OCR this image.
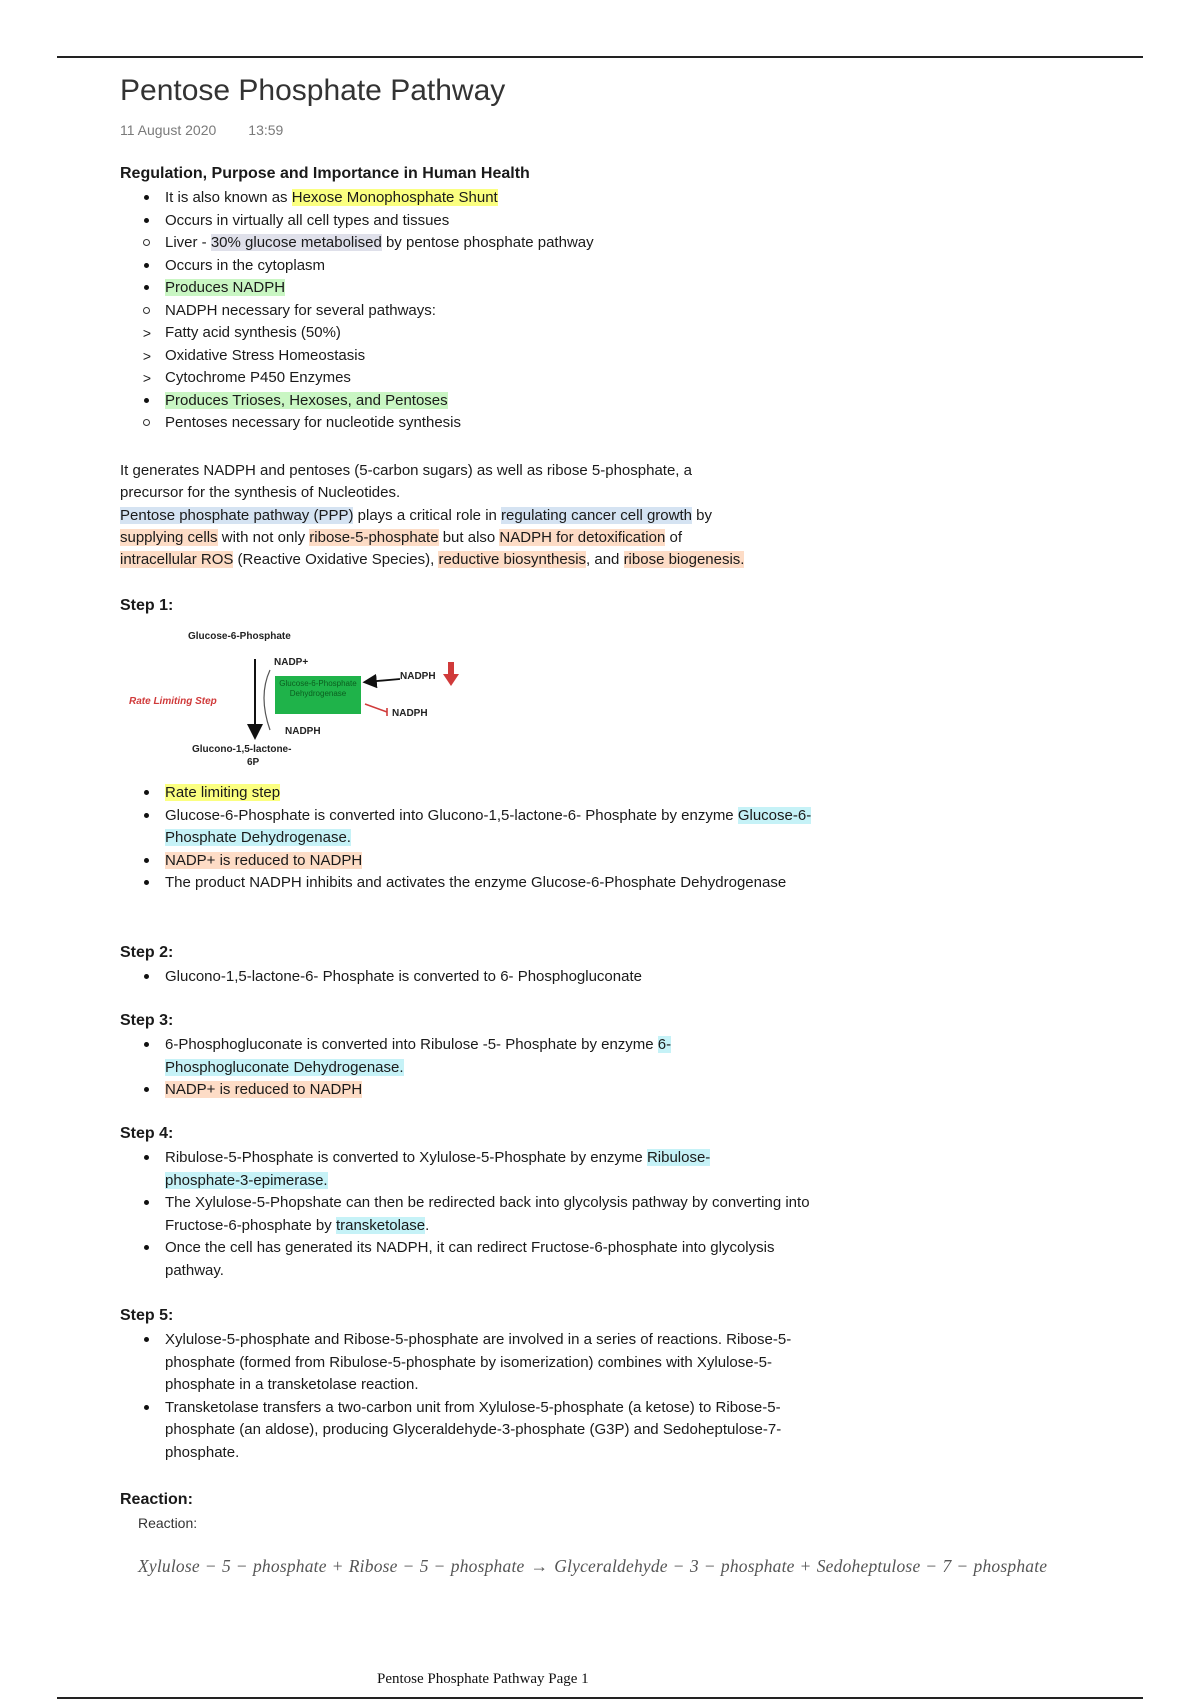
Pentose Phosphate Pathway
11 August 2020 13:59
Regulation, Purpose and Importance in Human Health
It is also known as Hexose Monophosphate Shunt
Occurs in virtually all cell types and tissues
Liver - 30% glucose metabolised by pentose phosphate pathway
Occurs in the cytoplasm
Produces NADPH
NADPH necessary for several pathways:
> Fatty acid synthesis (50%)
> Oxidative Stress Homeostasis
> Cytochrome P450 Enzymes
Produces Trioses, Hexoses, and Pentoses
Pentoses necessary for nucleotide synthesis
It generates NADPH and pentoses (5-carbon sugars) as well as ribose 5-phosphate, a
precursor for the synthesis of Nucleotides.
Pentose phosphate pathway (PPP) plays a critical role in regulating cancer cell growth by
supplying cells with not only ribose-5-phosphate but also NADPH for detoxification of
intracellular ROS (Reactive Oxidative Species), reductive biosynthesis, and ribose biogenesis.
Step 1:
Glucose-6-Phosphate
NADP+
Glucose-6-Phosphate Dehydrogenase
NADPH
NADPH
Rate Limiting Step
NADPH
Glucono-1,5-lactone-
6P
Rate limiting step
Glucose-6-Phosphate is converted into Glucono-1,5-lactone-6- Phosphate by enzyme Glucose-6-Phosphate Dehydrogenase.
NADP+ is reduced to NADPH
The product NADPH inhibits and activates the enzyme Glucose-6-Phosphate Dehydrogenase
Step 2:
Glucono-1,5-lactone-6- Phosphate is converted to 6- Phosphogluconate
Step 3:
6-Phosphogluconate is converted into Ribulose -5- Phosphate by enzyme 6-
Phosphogluconate Dehydrogenase.
NADP+ is reduced to NADPH
Step 4:
Ribulose-5-Phosphate is converted to Xylulose-5-Phosphate by enzyme Ribulose-
phosphate-3-epimerase.
The Xylulose-5-Phopshate can then be redirected back into glycolysis pathway by converting into Fructose-6-phosphate by transketolase.
Once the cell has generated its NADPH, it can redirect Fructose-6-phosphate into glycolysis pathway.
Step 5:
Xylulose-5-phosphate and Ribose-5-phosphate are involved in a series of reactions. Ribose-5-phosphate (formed from Ribulose-5-phosphate by isomerization) combines with Xylulose-5-phosphate in a transketolase reaction.
Transketolase transfers a two-carbon unit from Xylulose-5-phosphate (a ketose) to Ribose-5-phosphate (an aldose), producing Glyceraldehyde-3-phosphate (G3P) and Sedoheptulose-7-phosphate.
Reaction:
Reaction:
Xylulose − 5 − phosphate + Ribose − 5 − phosphate → Glyceraldehyde − 3 − phosphate + Sedoheptulose − 7 − phosphate
Pentose Phosphate Pathway Page 1
